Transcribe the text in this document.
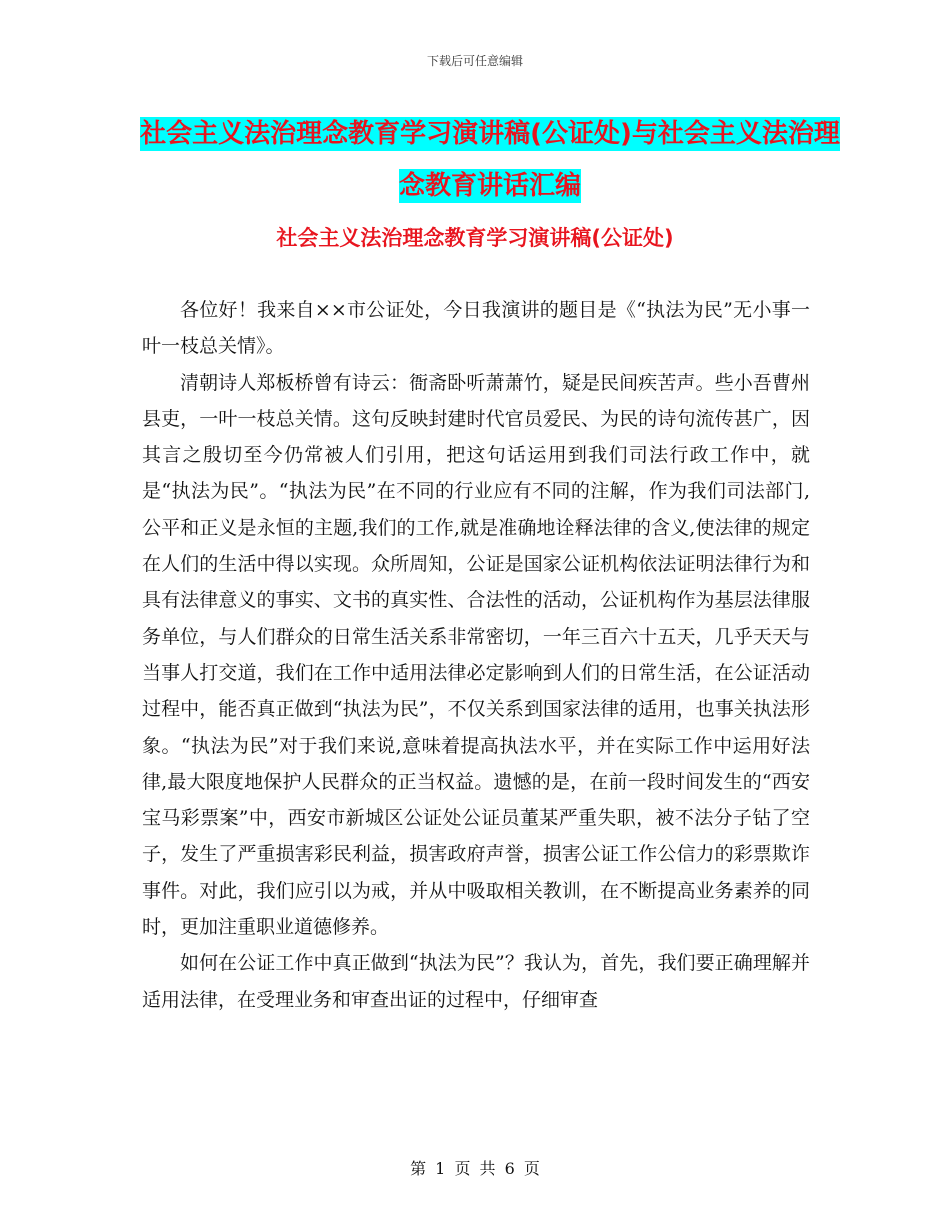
下载后可任意编辑
社会主义法治理念教育学习演讲稿(公证处)与社会主义法治理念教育讲话汇编
社会主义法治理念教育学习演讲稿(公证处)

各位好！我来自××市公证处，今日我演讲的题目是《“执法为民”无小事一叶一枝总关情》。

清朝诗人郑板桥曾有诗云：衙斋卧听萧萧竹，疑是民间疾苦声。些小吾曹州县吏，一叶一枝总关情。这句反映封建时代官员爱民、为民的诗句流传甚广，因其言之殷切至今仍常被人们引用，把这句话运用到我们司法行政工作中，就是“执法为民”。“执法为民”在不同的行业应有不同的注解，作为我们司法部门,公平和正义是永恒的主题,我们的工作,就是准确地诠释法律的含义,使法律的规定在人们的生活中得以实现。众所周知，公证是国家公证机构依法证明法律行为和具有法律意义的事实、文书的真实性、合法性的活动，公证机构作为基层法律服务单位，与人们群众的日常生活关系非常密切，一年三百六十五天，几乎天天与当事人打交道，我们在工作中适用法律必定影响到人们的日常生活，在公证活动过程中，能否真正做到“执法为民”，不仅关系到国家法律的适用，也事关执法形象。“执法为民”对于我们来说,意味着提高执法水平，并在实际工作中运用好法律,最大限度地保护人民群众的正当权益。遗憾的是，在前一段时间发生的“西安宝马彩票案”中，西安市新城区公证处公证员董某严重失职，被不法分子钻了空子，发生了严重损害彩民利益，损害政府声誉，损害公证工作公信力的彩票欺诈事件。对此，我们应引以为戒，并从中吸取相关教训，在不断提高业务素养的同时，更加注重职业道德修养。

如何在公证工作中真正做到“执法为民”？我认为，首先，我们要正确理解并适用法律，在受理业务和审查出证的过程中，仔细审查

第 1 页 共 6 页
